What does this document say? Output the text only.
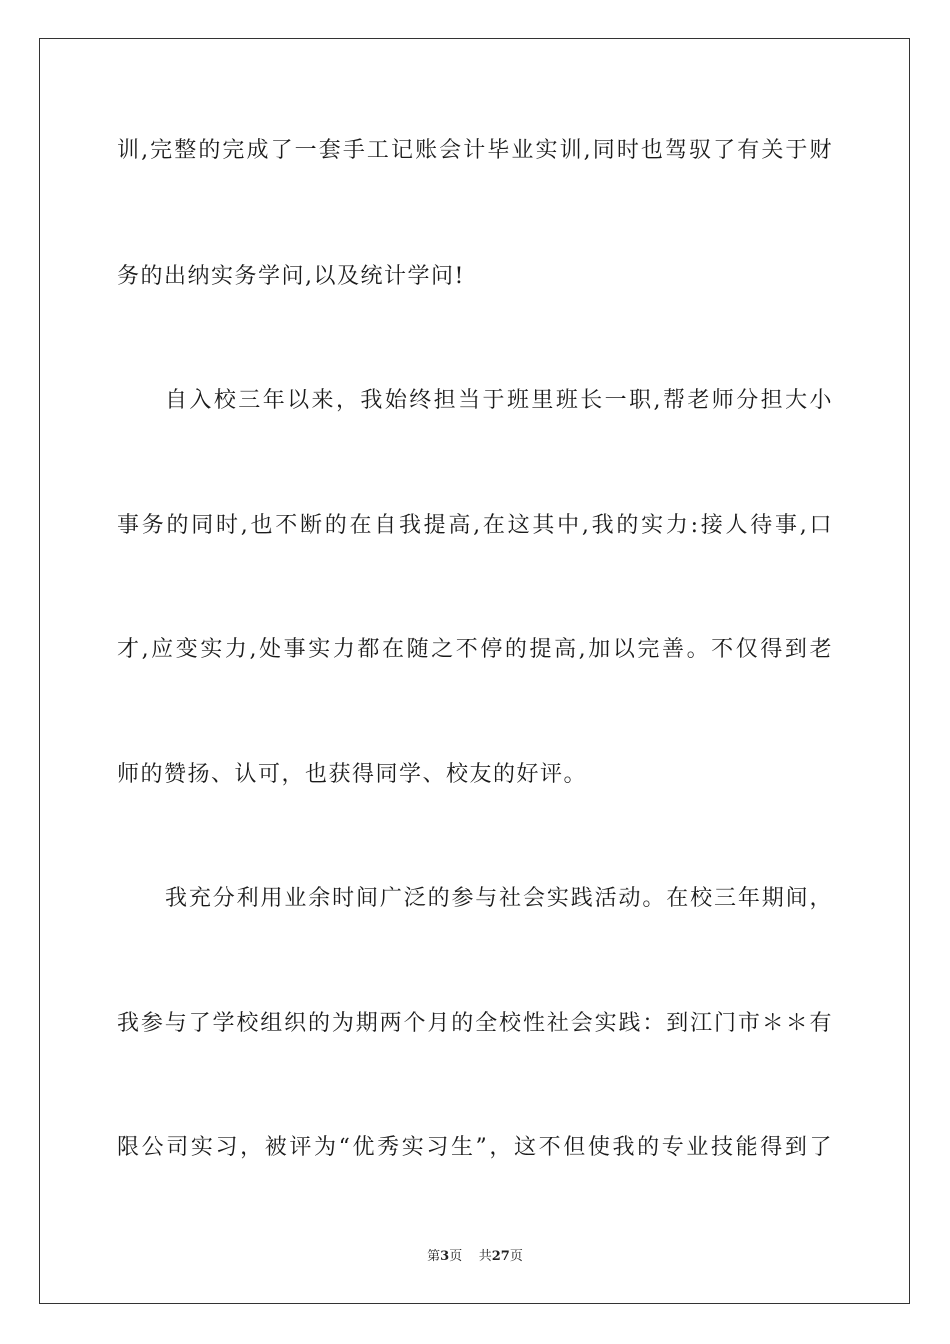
训,完整的完成了一套手工记账会计毕业实训,同时也驾驭了有关于财
务的出纳实务学问,以及统计学问!
自入校三年以来，我始终担当于班里班长一职,帮老师分担大小
事务的同时,也不断的在自我提高,在这其中,我的实力:接人待事,口
才,应变实力,处事实力都在随之不停的提高,加以完善。不仅得到老
师的赞扬、认可，也获得同学、校友的好评。
我充分利用业余时间广泛的参与社会实践活动。在校三年期间，
我参与了学校组织的为期两个月的全校性社会实践：到江门市＊＊有
限公司实习，被评为“优秀实习生”，这不但使我的专业技能得到了
第3页 共27页
